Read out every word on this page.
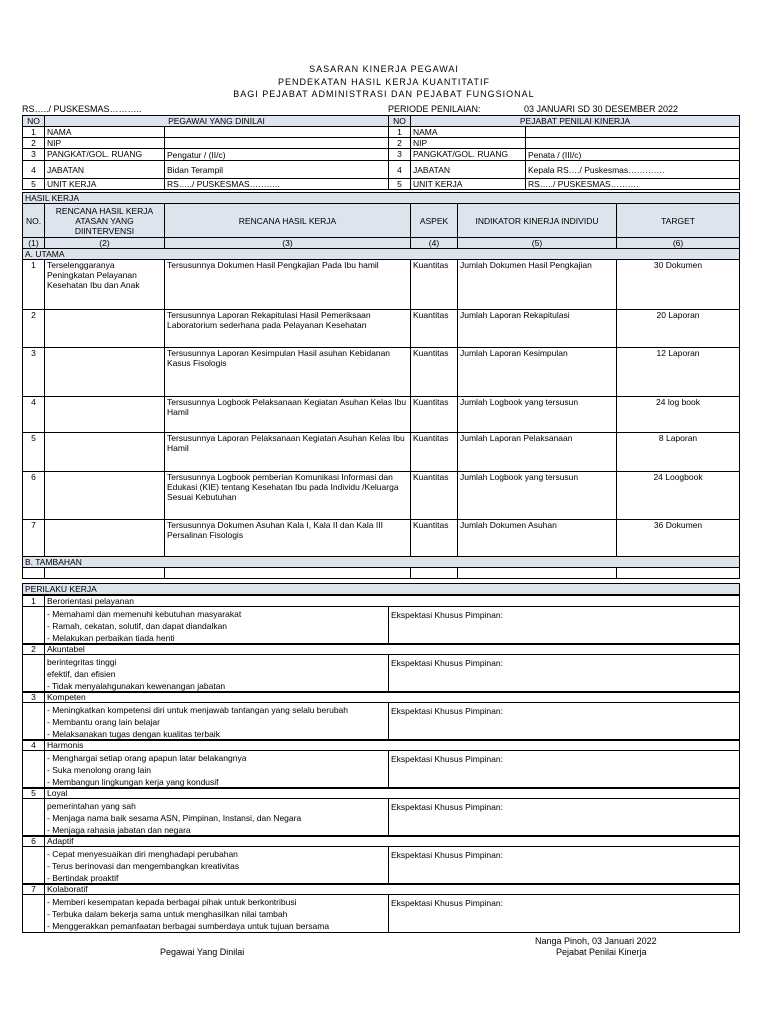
SASARAN KINERJA PEGAWAI
PENDEKATAN HASIL KERJA KUANTITATIF
BAGI PEJABAT ADMINISTRASI DAN PEJABAT FUNGSIONAL
RS…../ PUSKESMAS………..	PERIODE PENILAIAN:	03 JANUARI SD 30 DESEMBER 2022
NO	PEGAWAI YANG DINILAI		NO	PEJABAT PENILAI KINERJA	
1	NAMA		1	NAMA	
2	NIP		2	NIP	
3	PANGKAT/GOL. RUANG	Pengatur / (II/c)	3	PANGKAT/GOL. RUANG	Penata / (III/c)
4	JABATAN	Bidan Terampil	4	JABATAN	Kepala RS…./ Puskesmas………….
5	UNIT KERJA	RS…../ PUSKESMAS………..	5	UNIT KERJA	RS…../ PUSKESMAS……….
HASIL KERJA					
NO.	RENCANA HASIL KERJA ATASAN YANG DIINTERVENSI	RENCANA HASIL KERJA	ASPEK	INDIKATOR KINERJA INDIVIDU	TARGET
(1)	(2)	(3)	(4)	(5)	(6)
A. UTAMA					
1	Terselenggaranya Peningkatan Pelayanan Kesehatan Ibu dan Anak	Tersusunnya Dokumen Hasil Pengkajian Pada Ibu hamil	Kuantitas	Jumlah Dokumen Hasil Pengkajian	30 Dokumen
2		Tersusunnya Laporan Rekapitulasi Hasil Pemeriksaan Laboratorium sederhana pada Pelayanan Kesehatan	Kuantitas	Jumlah Laporan Rekapitulasi	20 Laporan
3		Tersusunnya Laporan Kesimpulan Hasil asuhan Kebidanan Kasus Fisologis	Kuantitas	Jumlah Laporan Kesimpulan	12 Laporan
4		Tersusunnya Logbook Pelaksanaan Kegiatan Asuhan Kelas Ibu Hamil	Kuantitas	Jumlah Logbook yang tersusun	24 log book
5		Tersusunnya Laporan Pelaksanaan Kegiatan Asuhan Kelas Ibu Hamil	Kuantitas	Jumlah Laporan Pelaksanaan	8 Laporan
6		Tersusunnya Logbook pemberian Komunikasi Informasi dan Edukasi (KIE) tentang Kesehatan Ibu pada Individu /Keluarga Sesuai Kebutuhan	Kuantitas	Jumlah Logbook yang tersusun	24 Loogbook
7		Tersusunnya Dokumen Asuhan Kala I, Kala II dan Kala III Persalinan Fisologis	Kuantitas	Jumlah Dokumen Asuhan	36 Dokumen
B. TAMBAHAN					

PERILAKU KERJA
1	Berorientasi pelayanan	

	- Memahami dan memenuhi kebutuhan masyarakat
- Ramah, cekatan, solutif, dan dapat diandalkan
- Melakukan perbaikan tiada henti	Ekspektasi Khusus Pimpinan:
2	Akuntabel	

	berintegritas tinggi
efektif, dan efisien
- Tidak menyalahgunakan kewenangan jabatan	Ekspektasi Khusus Pimpinan:
3	Kompeten	

	- Meningkatkan kompetensi diri untuk menjawab tantangan yang selalu berubah
- Membantu orang lain belajar
- Melaksanakan tugas dengan kualitas terbaik	Ekspektasi Khusus Pimpinan:
4	Harmonis	

	- Menghargai setiap orang apapun latar belakangnya
- Suka menolong orang lain
- Membangun lingkungan kerja yang kondusif	Ekspektasi Khusus Pimpinan:
5	Loyal	

	pemerintahan yang sah
- Menjaga nama baik sesama ASN, Pimpinan, Instansi, dan Negara
- Menjaga rahasia jabatan dan negara	Ekspektasi Khusus Pimpinan:
6	Adaptif	

	- Cepat menyesuaikan diri menghadapi perubahan
- Terus berinovasi dan mengembangkan kreativitas
- Bertindak proaktif	Ekspektasi Khusus Pimpinan:
7	Kolaboratif	

	- Memberi kesempatan kepada berbagai pihak untuk berkontribusi
- Terbuka dalam bekerja sama untuk menghasilkan nilai tambah
- Menggerakkan pemanfaatan berbagai sumberdaya untuk tujuan bersama	Ekspektasi Khusus Pimpinan:
Nanga Pinoh, 03 Januari 2022
Pegawai Yang Dinilai	Pejabat Penilai Kinerja
